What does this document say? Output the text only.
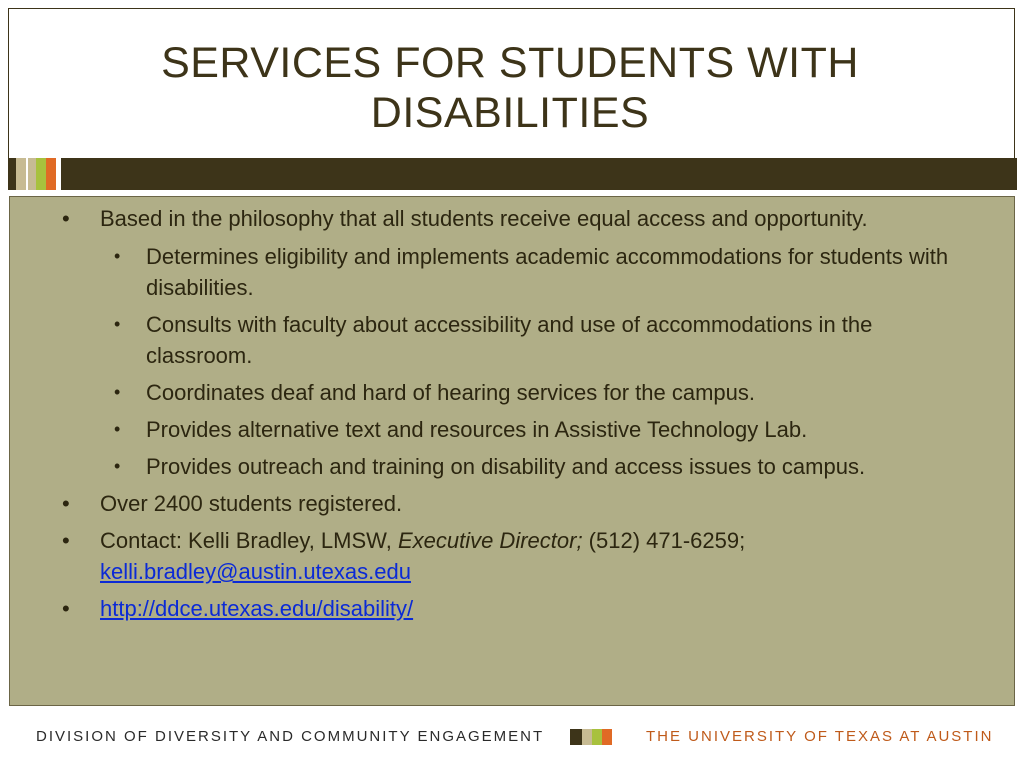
SERVICES FOR STUDENTS WITH
DISABILITIES
• Based in the philosophy that all students receive equal access and opportunity.
• Determines eligibility and implements academic accommodations for students with disabilities.
• Consults with faculty about accessibility and use of accommodations in the classroom.
• Coordinates deaf and hard of hearing services for the campus.
• Provides alternative text and resources in Assistive Technology Lab.
• Provides outreach and training on disability and access issues to campus.
• Over 2400 students registered.
• Contact: Kelli Bradley, LMSW, Executive Director; (512) 471-6259;
kelli.bradley@austin.utexas.edu
• http://ddce.utexas.edu/disability/
DIVISION OF DIVERSITY AND COMMUNITY ENGAGEMENT	THE UNIVERSITY OF TEXAS AT AUSTIN
